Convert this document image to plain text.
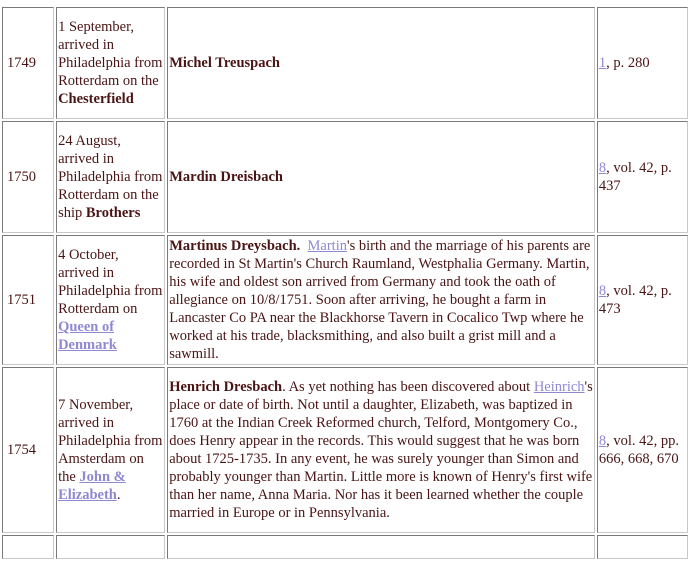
1749	1 September, arrived in Philadelphia from Rotterdam on the Chesterfield	Michel Treuspach	1, p. 280
1750	24 August, arrived in Philadelphia from Rotterdam on the ship Brothers	Mardin Dreisbach	8, vol. 42, p. 437
1751	4 October, arrived in Philadelphia from Rotterdam on Queen of Denmark	Martinus Dreysbach. Martin's birth and the marriage of his parents are recorded in St Martin's Church Raumland, Westphalia Germany. Martin, his wife and oldest son arrived from Germany and took the oath of allegiance on 10/8/1751. Soon after arriving, he bought a farm in Lancaster Co PA near the Blackhorse Tavern in Cocalico Twp where he worked at his trade, blacksmithing, and also built a grist mill and a sawmill.	8, vol. 42, p. 473
1754	7 November, arrived in Philadelphia from Amsterdam on the John & Elizabeth.	Henrich Dresbach. As yet nothing has been discovered about Heinrich's place or date of birth. Not until a daughter, Elizabeth, was baptized in 1760 at the Indian Creek Reformed church, Telford, Montgomery Co., does Henry appear in the records. This would suggest that he was born about 1725-1735. In any event, he was surely younger than Simon and probably younger than Martin. Little more is known of Henry's first wife than her name, Anna Maria. Nor has it been learned whether the couple married in Europe or in Pennsylvania.	8, vol. 42, pp. 666, 668, 670
